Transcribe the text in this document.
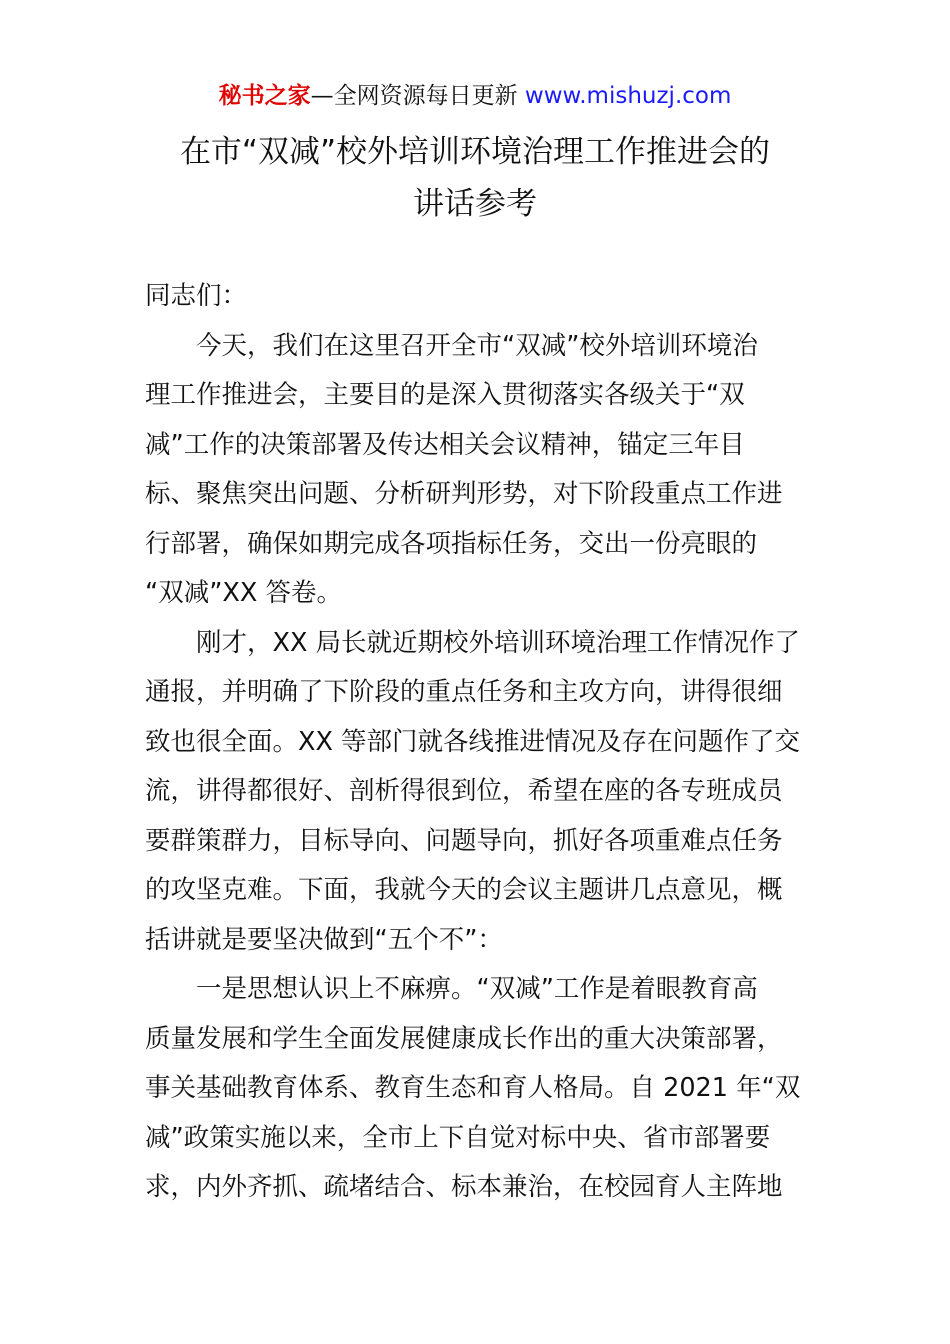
秘书之家—全网资源每日更新 www.mishuzj.com
在市“双减”校外培训环境治理工作推进会的
讲话参考

同志们：

今天，我们在这里召开全市“双减”校外培训环境治
理工作推进会，主要目的是深入贯彻落实各级关于“双
减”工作的决策部署及传达相关会议精神，锚定三年目
标、聚焦突出问题、分析研判形势，对下阶段重点工作进
行部署，确保如期完成各项指标任务，交出一份亮眼的
“双减”XX 答卷。
刚才，XX 局长就近期校外培训环境治理工作情况作了
通报，并明确了下阶段的重点任务和主攻方向，讲得很细
致也很全面。XX 等部门就各线推进情况及存在问题作了交
流，讲得都很好、剖析得很到位，希望在座的各专班成员
要群策群力，目标导向、问题导向，抓好各项重难点任务
的攻坚克难。下面，我就今天的会议主题讲几点意见，概
括讲就是要坚决做到“五个不”：
一是思想认识上不麻痹。“双减”工作是着眼教育高
质量发展和学生全面发展健康成长作出的重大决策部署，
事关基础教育体系、教育生态和育人格局。自 2021 年“双
减”政策实施以来，全市上下自觉对标中央、省市部署要
求，内外齐抓、疏堵结合、标本兼治，在校园育人主阵地
